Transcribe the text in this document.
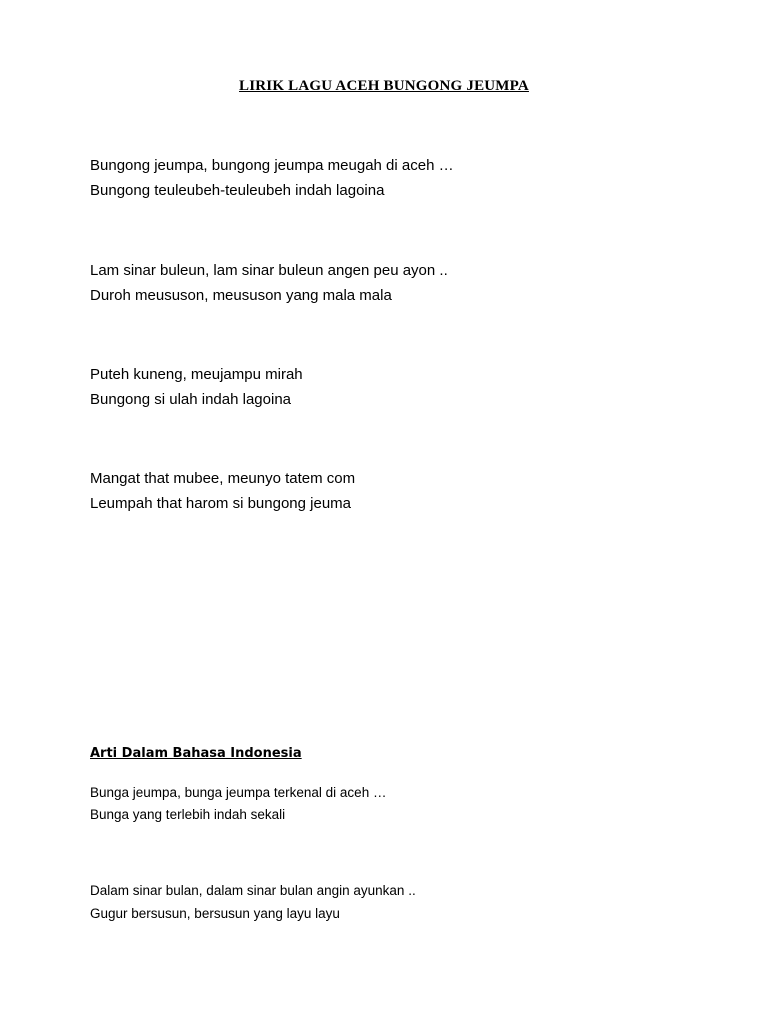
LIRIK LAGU ACEH BUNGONG JEUMPA
Bungong jeumpa, bungong jeumpa meugah di aceh …
Bungong teuleubeh-teuleubeh indah lagoina
Lam sinar buleun, lam sinar buleun angen peu ayon ..
Duroh meususon, meususon yang mala mala
Puteh kuneng, meujampu mirah
Bungong si ulah indah lagoina
Mangat that mubee, meunyo tatem com
Leumpah that harom si bungong jeuma
Arti Dalam Bahasa Indonesia
Bunga jeumpa, bunga jeumpa terkenal di aceh …
Bunga yang terlebih indah sekali
Dalam sinar bulan, dalam sinar bulan angin ayunkan ..
Gugur bersusun, bersusun yang layu layu
